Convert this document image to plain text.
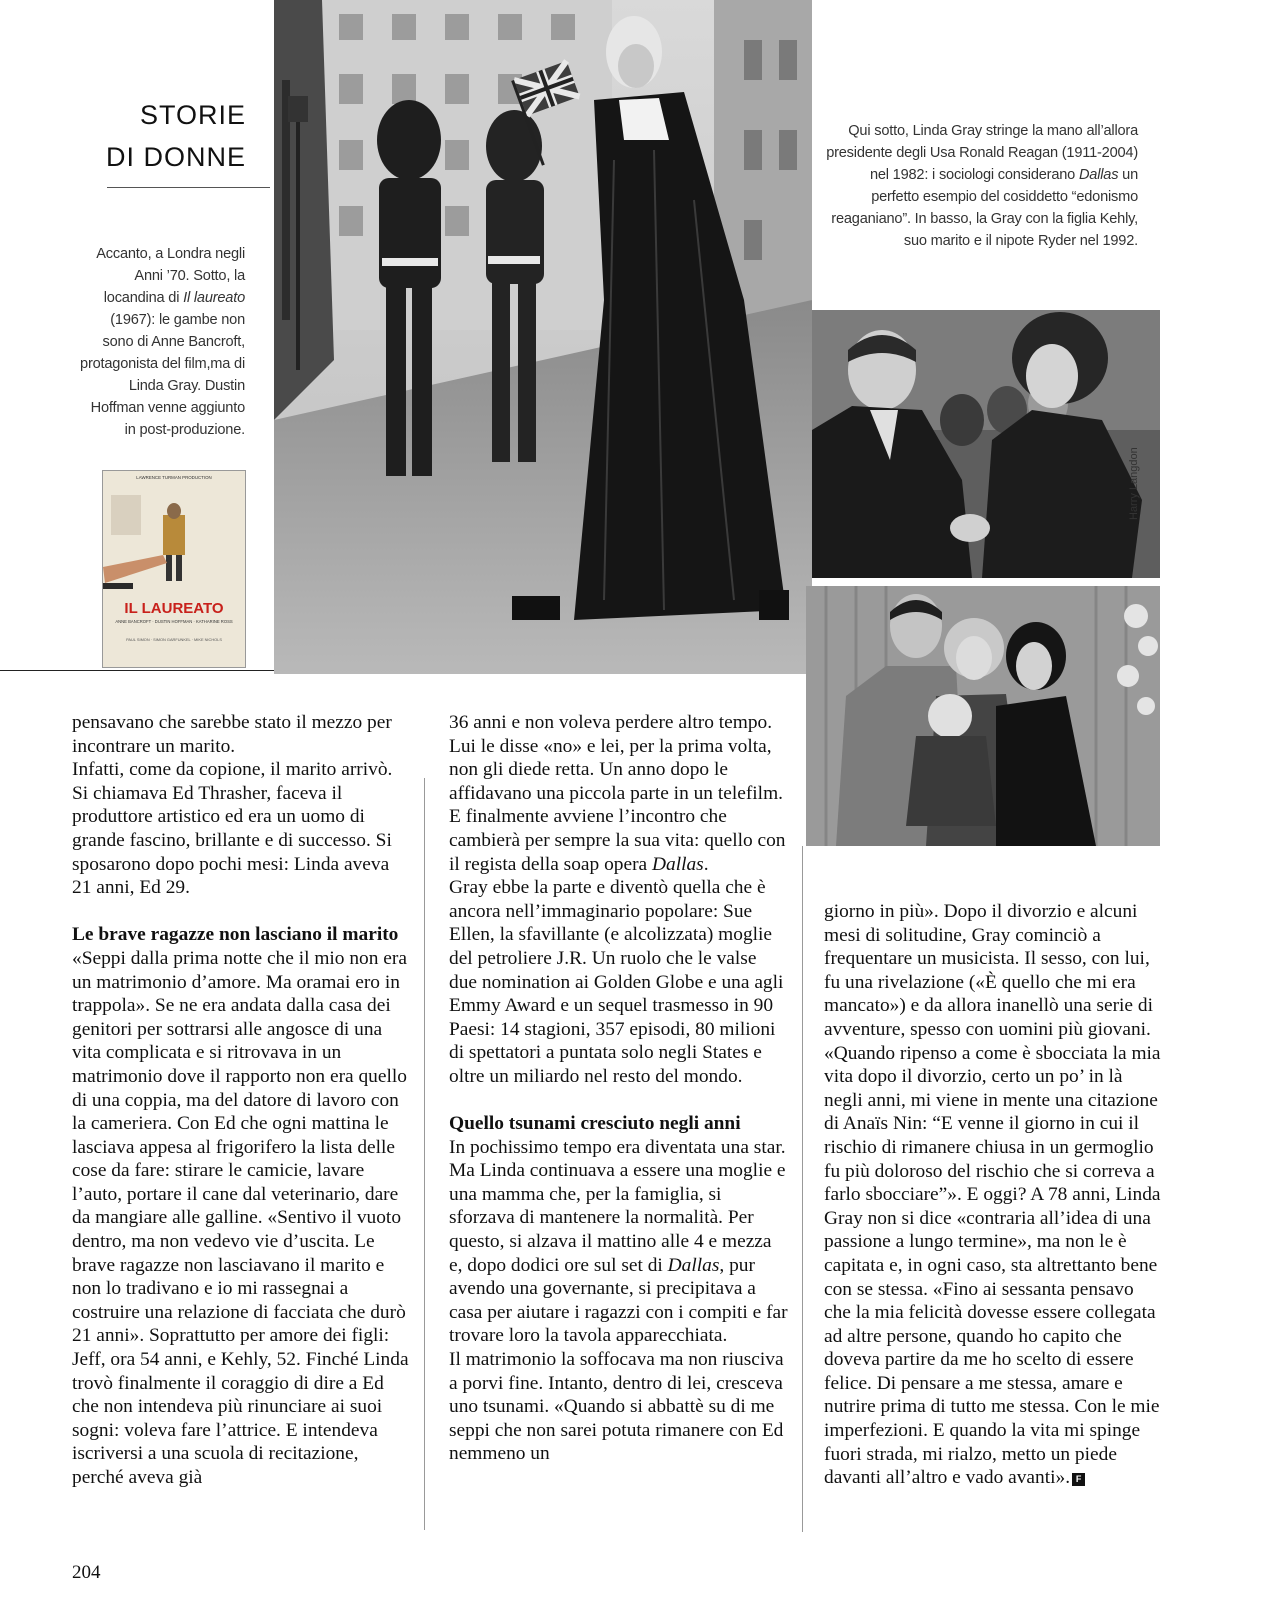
STORIE
DI DONNE
Accanto, a Londra negli Anni ’70. Sotto, la locandina di Il laureato (1967): le gambe non sono di Anne Bancroft, protagonista del film,ma di Linda Gray. Dustin Hoffman venne aggiunto in post-produzione.
Qui sotto, Linda Gray stringe la mano all’allora presidente degli Usa Ronald Reagan (1911-2004) nel 1982: i sociologi considerano Dallas un perfetto esempio del cosiddetto “edonismo reaganiano”. In basso, la Gray con la figlia Kehly, suo marito e il nipote Ryder nel 1992.
Harry Langdon
LAWRENCE TURMAN PRODUCTION
IL LAUREATO
ANNE BANCROFT · DUSTIN HOFFMAN · KATHARINE ROSS
PAUL SIMON · SIMON GARFUNKEL · MIKE NICHOLS

pensavano che sarebbe stato il mezzo per incontrare un marito.

Infatti, come da copione, il marito arrivò. Si chiamava Ed Thrasher, faceva il produttore artistico ed era un uomo di grande fascino, brillante e di successo. Si sposarono dopo pochi mesi: Linda aveva 21 anni, Ed 29.

Le brave ragazze non lasciano il marito

«Seppi dalla prima notte che il mio non era un matrimonio d’amore. Ma oramai ero in trappola». Se ne era andata dalla casa dei genitori per sottrarsi alle angosce di una vita complicata e si ritrovava in un matrimonio dove il rapporto non era quello di una coppia, ma del datore di lavoro con la cameriera. Con Ed che ogni mattina le lasciava appesa al frigorifero la lista delle cose da fare: stirare le camicie, lavare l’auto, portare il cane dal veterinario, dare da mangiare alle galline. «Sentivo il vuoto dentro, ma non vedevo vie d’uscita. Le brave ragazze non lasciavano il marito e non lo tradivano e io mi rassegnai a costruire una relazione di facciata che durò 21 anni». Soprattutto per amore dei figli: Jeff, ora 54 anni, e Kehly, 52. Finché Linda trovò finalmente il coraggio di dire a Ed che non intendeva più rinunciare ai suoi sogni: voleva fare l’attrice. E intendeva iscriversi a una scuola di recitazione, perché aveva già

36 anni e non voleva perdere altro tempo. Lui le disse «no» e lei, per la prima volta, non gli diede retta. Un anno dopo le affidavano una piccola parte in un telefilm. E finalmente avviene l’incontro che cambierà per sempre la sua vita: quello con il regista della soap opera Dallas.

Gray ebbe la parte e diventò quella che è ancora nell’immaginario popolare: Sue Ellen, la sfavillante (e alcolizzata) moglie del petroliere J.R. Un ruolo che le valse due nomination ai Golden Globe e una agli Emmy Award e un sequel trasmesso in 90 Paesi: 14 stagioni, 357 episodi, 80 milioni di spettatori a puntata solo negli States e oltre un miliardo nel resto del mondo.

Quello tsunami cresciuto negli anni

In pochissimo tempo era diventata una star. Ma Linda continuava a essere una moglie e una mamma che, per la famiglia, si sforzava di mantenere la normalità. Per questo, si alzava il mattino alle 4 e mezza e, dopo dodici ore sul set di Dallas, pur avendo una governante, si precipitava a casa per aiutare i ragazzi con i compiti e far trovare loro la tavola apparecchiata.

Il matrimonio la soffocava ma non riusciva a porvi fine. Intanto, dentro di lei, cresceva uno tsunami. «Quando si abbattè su di me seppi che non sarei potuta rimanere con Ed nemmeno un

giorno in più». Dopo il divorzio e alcuni mesi di solitudine, Gray cominciò a frequentare un musicista. Il sesso, con lui, fu una rivelazione («È quello che mi era mancato») e da allora inanellò una serie di avventure, spesso con uomini più giovani. «Quando ripenso a come è sbocciata la mia vita dopo il divorzio, certo un po’ in là negli anni, mi viene in mente una citazione di Anaïs Nin: “E venne il giorno in cui il rischio di rimanere chiusa in un germoglio fu più doloroso del rischio che si correva a farlo sbocciare”». E oggi? A 78 anni, Linda Gray non si dice «contraria all’idea di una passione a lungo termine», ma non le è capitata e, in ogni caso, sta altrettanto bene con se stessa. «Fino ai sessanta pensavo che la mia felicità dovesse essere collegata ad altre persone, quando ho capito che doveva partire da me ho scelto di essere felice. Di pensare a me stessa, amare e nutrire prima di tutto me stessa. Con le mie imperfezioni. E quando la vita mi spinge fuori strada, mi rialzo, metto un piede davanti all’altro e vado avanti». F

204
